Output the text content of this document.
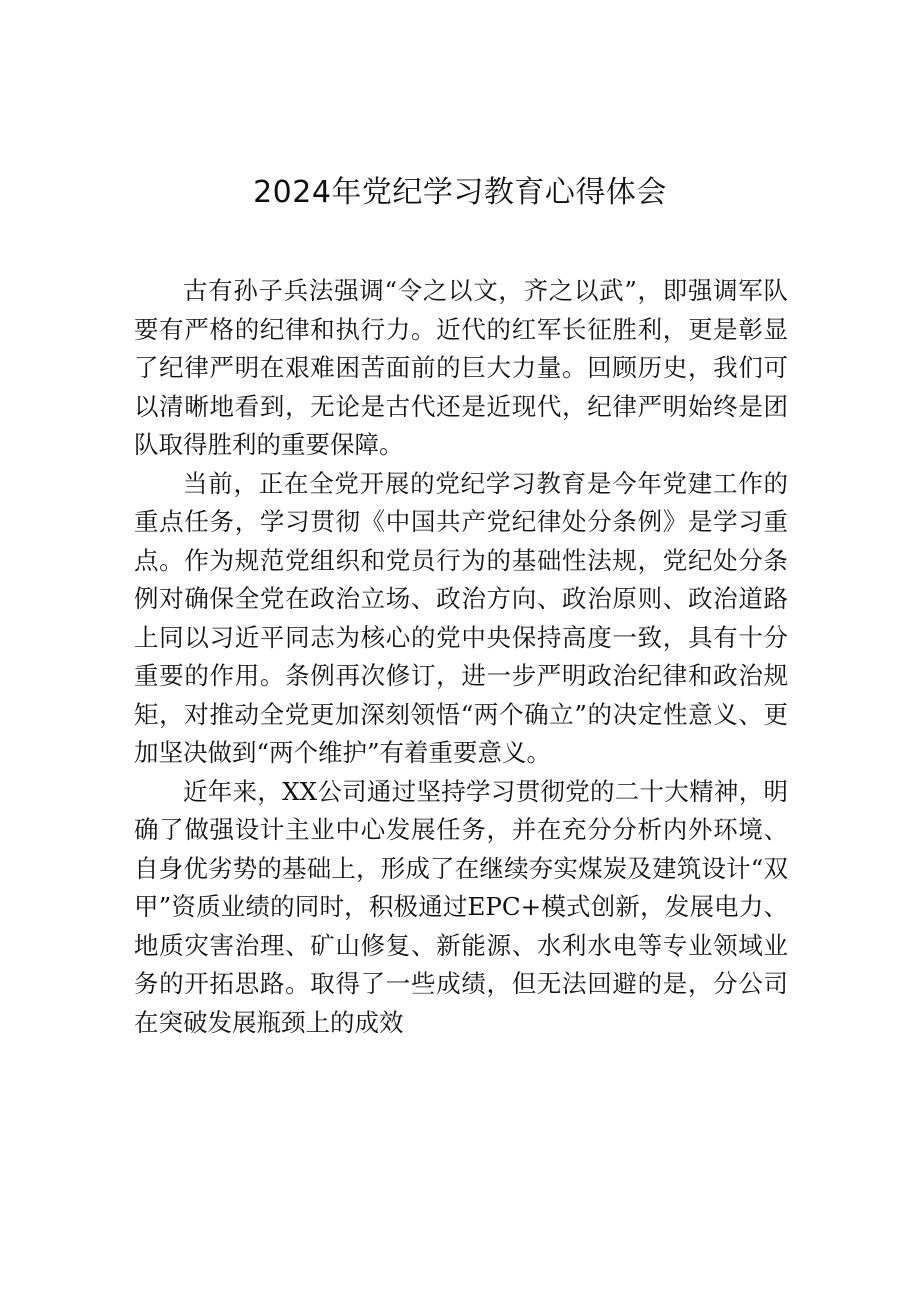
2024年党纪学习教育心得体会

古有孙子兵法强调“令之以文，齐之以武”，即强调军队要有严格的纪律和执行力。近代的红军长征胜利，更是彰显了纪律严明在艰难困苦面前的巨大力量。回顾历史，我们可以清晰地看到，无论是古代还是近现代，纪律严明始终是团队取得胜利的重要保障。

当前，正在全党开展的党纪学习教育是今年党建工作的重点任务，学习贯彻《中国共产党纪律处分条例》是学习重点。作为规范党组织和党员行为的基础性法规，党纪处分条例对确保全党在政治立场、政治方向、政治原则、政治道路上同以习近平同志为核心的党中央保持高度一致，具有十分重要的作用。条例再次修订，进一步严明政治纪律和政治规矩，对推动全党更加深刻领悟“两个确立”的决定性意义、更加坚决做到“两个维护”有着重要意义。

近年来，XX公司通过坚持学习贯彻党的二十大精神，明确了做强设计主业中心发展任务，并在充分分析内外环境、自身优劣势的基础上，形成了在继续夯实煤炭及建筑设计“双甲”资质业绩的同时，积极通过EPC+模式创新，发展电力、地质灾害治理、矿山修复、新能源、水利水电等专业领域业务的开拓思路。取得了一些成绩，但无法回避的是，分公司在突破发展瓶颈上的成效
